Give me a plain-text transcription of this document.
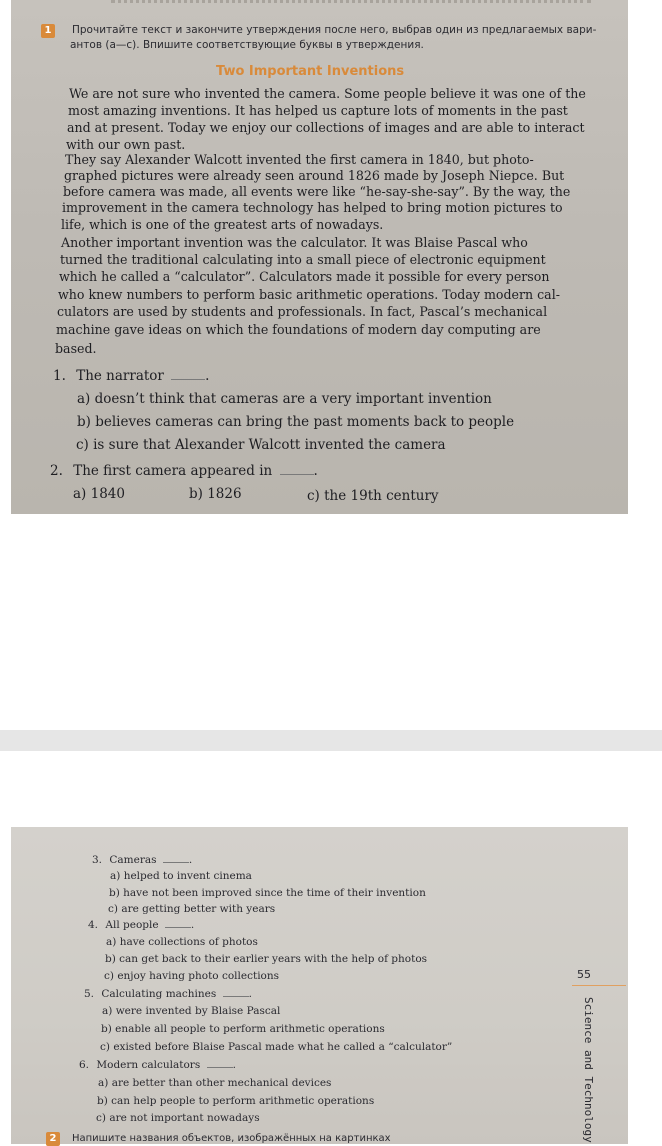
1	Прочитайте текст и закончите утверждения после него, выбрав один из предлагаемых вари-
антов (a—c). Впишите соответствующие буквы в утверждения.
Two Important Inventions
We are not sure who invented the camera. Some people believe it was one of the
most amazing inventions. It has helped us capture lots of moments in the past
and at present. Today we enjoy our collections of images and are able to interact
with our own past.
They say Alexander Walcott invented the first camera in 1840, but photo-
graphed pictures were already seen around 1826 made by Joseph Niepce. But
before camera was made, all events were like “he-say-she-say”. By the way, the
improvement in the camera technology has helped to bring motion pictures to
life, which is one of the greatest arts of nowadays.
Another important invention was the calculator. It was Blaise Pascal who
turned the traditional calculating into a small piece of electronic equipment
which he called a “calculator”. Calculators made it possible for every person
who knew numbers to perform basic arithmetic operations. Today modern cal-
culators are used by students and professionals. In fact, Pascal’s mechanical
machine gave ideas on which the foundations of modern day computing are
based.
1. The narrator	.
a) doesn’t think that cameras are a very important invention
b) believes cameras can bring the past moments back to people
c) is sure that Alexander Walcott invented the camera
2. The first camera appeared in	.
a) 1840	b) 1826	c) the 19th century
3. Cameras	.
a) helped to invent cinema
b) have not been improved since the time of their invention
c) are getting better with years
4. All people	.
a) have collections of photos
b) can get back to their earlier years with the help of photos
c) enjoy having photo collections
5. Calculating machines	.
a) were invented by Blaise Pascal
b) enable all people to perform arithmetic operations
c) existed before Blaise Pascal made what he called a “calculator”
6. Modern calculators	.
a) are better than other mechanical devices
b) can help people to perform arithmetic operations
c) are not important nowadays
55
Science and Technology
2	Напишите названия объектов, изображённых на картинках
